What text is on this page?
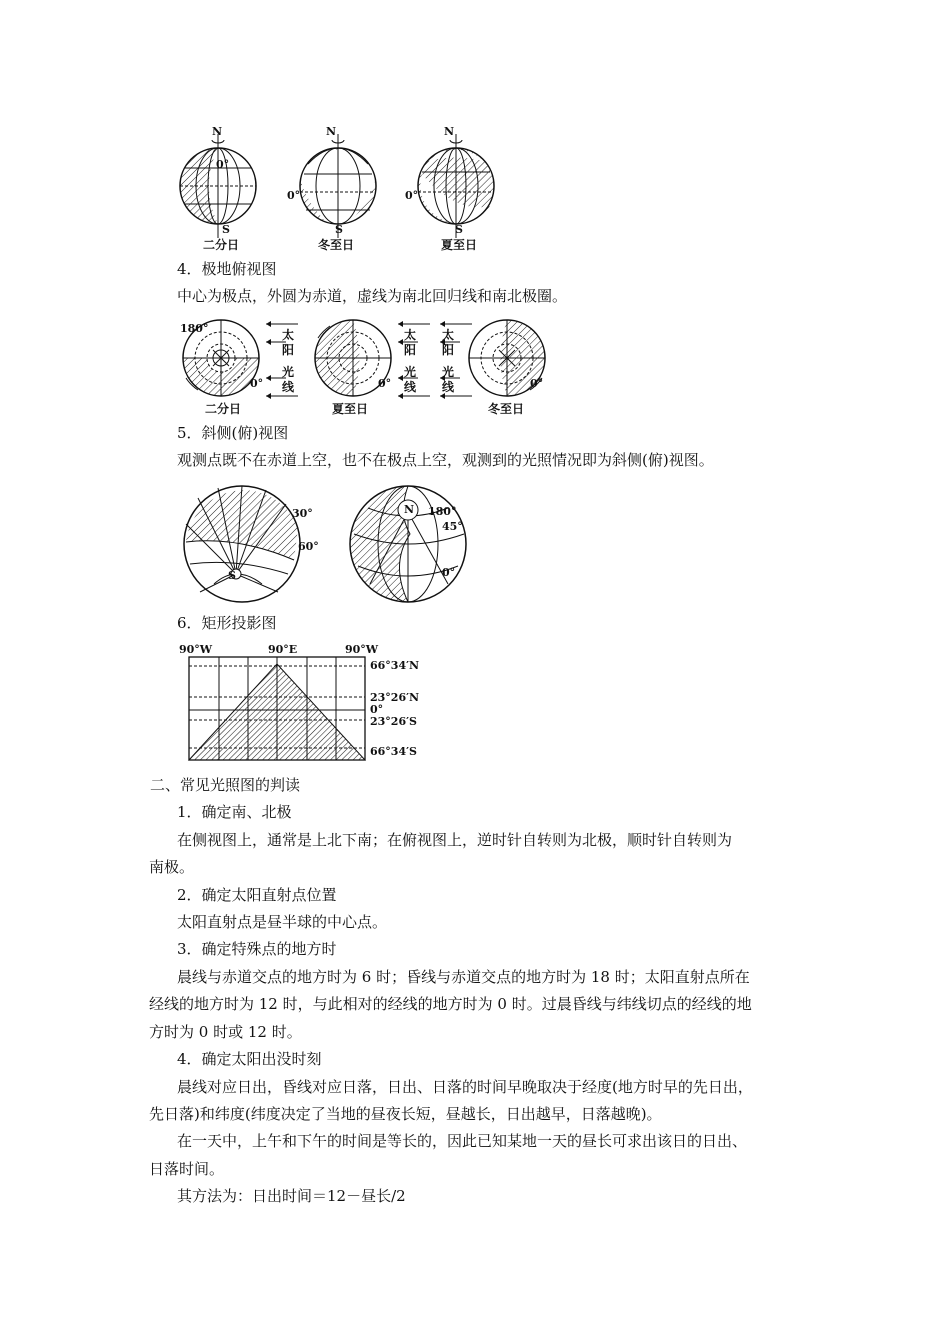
N
0°
S
二分日
N
0°
S
冬至日
N
0°
S
夏至日
4．极地俯视图
中心为极点，外圆为赤道，虚线为南北回归线和南北极圈。
180°
0°
太
阳
光
线
二分日
0°
太
阳
光
线
夏至日
太
阳
光
线	0°
冬至日
5．斜侧(俯)视图
观测点既不在赤道上空，也不在极点上空，观测到的光照情况即为斜侧(俯)视图。
30°
60°
S
N 180°
45°
0°
6．矩形投影图
90°W	90°E	90°W
66°34′N
23°26′N
0°
23°26′S
66°34′S
二、常见光照图的判读
1．确定南、北极
在侧视图上，通常是上北下南；在俯视图上，逆时针自转则为北极，顺时针自转则为
南极。
2．确定太阳直射点位置
太阳直射点是昼半球的中心点。
3．确定特殊点的地方时
晨线与赤道交点的地方时为 6 时；昏线与赤道交点的地方时为 18 时；太阳直射点所在
经线的地方时为 12 时，与此相对的经线的地方时为 0 时。过晨昏线与纬线切点的经线的地
方时为 0 时或 12 时。
4．确定太阳出没时刻
晨线对应日出，昏线对应日落，日出、日落的时间早晚取决于经度(地方时早的先日出，
先日落)和纬度(纬度决定了当地的昼夜长短，昼越长，日出越早，日落越晚)。
在一天中，上午和下午的时间是等长的，因此已知某地一天的昼长可求出该日的日出、
日落时间。
其方法为：日出时间＝12－昼长/2
